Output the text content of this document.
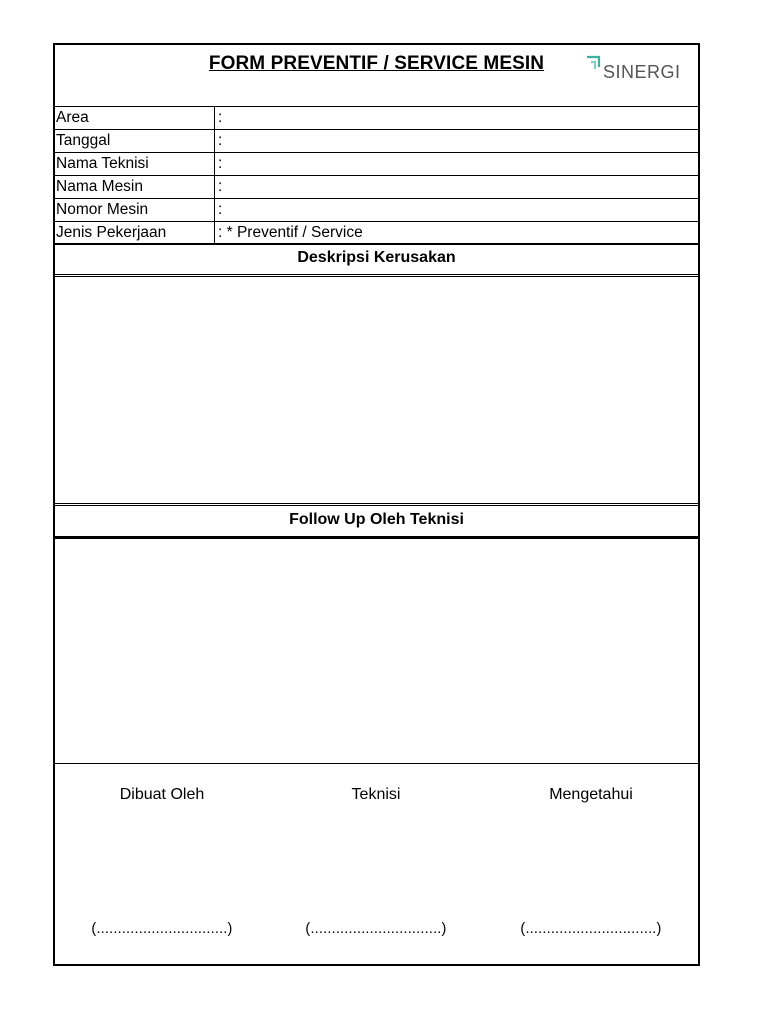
FORM PREVENTIF / SERVICE MESIN	SINERGI
Area	:
Tanggal	:
Nama Teknisi	:
Nama Mesin	:
Nomor Mesin	:
Jenis Pekerjaan	: * Preventif / Service
Deskripsi Kerusakan
Follow Up Oleh Teknisi
Dibuat Oleh
(...............................)
Teknisi
(...............................)
Mengetahui
(...............................)
